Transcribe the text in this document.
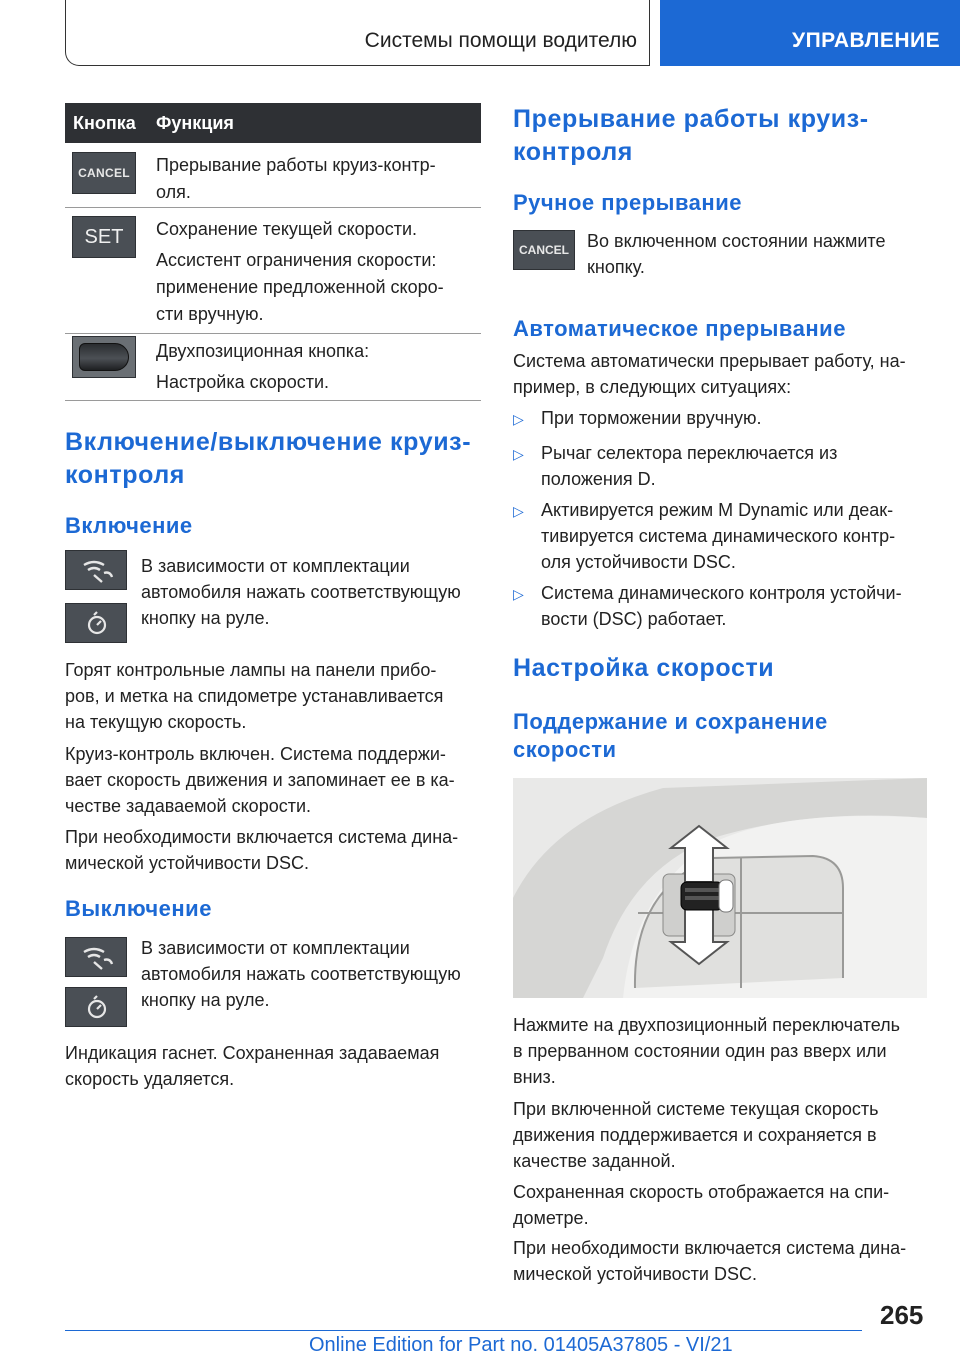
Системы помощи водителю	УПРАВЛЕНИЕ
Кнопка Функция
CANCEL	Прерывание работы круиз-контр-
оля.
SET	Сохранение текущей скорости.
Ассистент ограничения скорости:
применение предложенной скоро-
сти вручную.
Двухпозиционная кнопка:
Настройка скорости.
Включение/выключение круиз-
контроля
Включение
В зависимости от комплектации
автомобиля нажать соответствующую
кнопку на руле.
Горят контрольные лампы на панели прибо-
ров, и метка на спидометре устанавливается
на текущую скорость.
Круиз-контроль включен. Система поддержи-
вает скорость движения и запоминает ее в ка-
честве задаваемой скорости.
При необходимости включается система дина-
мической устойчивости DSC.
Выключение
В зависимости от комплектации
автомобиля нажать соответствующую
кнопку на руле.
Индикация гаснет. Сохраненная задаваемая
скорость удаляется.
Прерывание работы круиз-
контроля
Ручное прерывание
CANCEL	Во включенном состоянии нажмите
кнопку.
Автоматическое прерывание
Система автоматически прерывает работу, на-
пример, в следующих ситуациях:
▷ При торможении вручную.
▷ Рычаг селектора переключается из
положения D.
▷ Активируется режим M Dynamic или деак-
тивируется система динамического контр-
оля устойчивости DSC.
▷ Система динамического контроля устойчи-
вости (DSC) работает.
Настройка скорости
Поддержание и сохранение
скорости
Нажмите на двухпозиционный переключатель
в прерванном состоянии один раз вверх или
вниз.
При включенной системе текущая скорость
движения поддерживается и сохраняется в
качестве заданной.
Сохраненная скорость отображается на спи-
дометре.
При необходимости включается система дина-
мической устойчивости DSC.
265
Online Edition for Part no. 01405A37805 - VI/21
